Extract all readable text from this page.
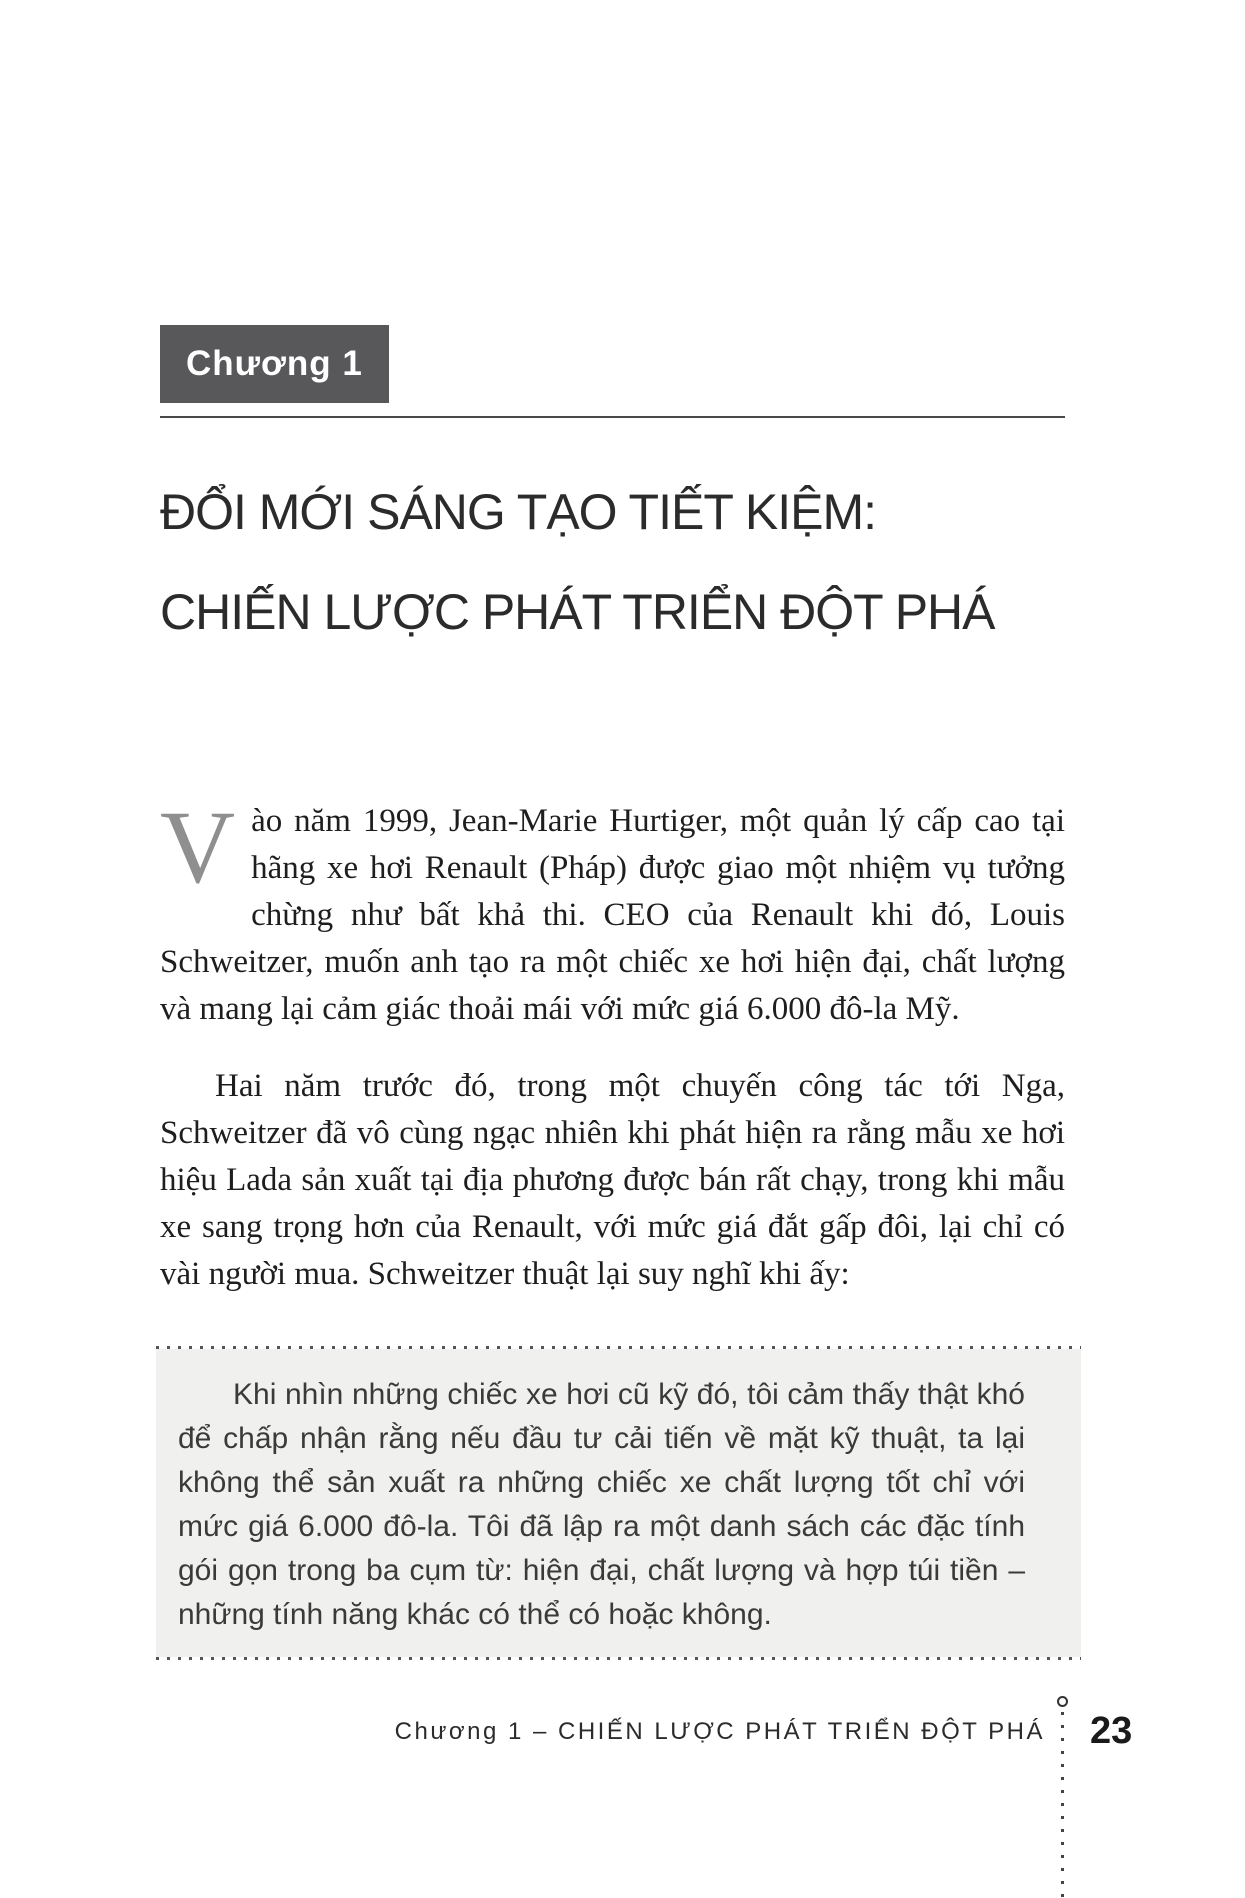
Chương 1
ĐỔI MỚI SÁNG TẠO TIẾT KIỆM:
CHIẾN LƯỢC PHÁT TRIỂN ĐỘT PHÁ

Vào năm 1999, Jean-Marie Hurtiger, một quản lý cấp cao tại hãng xe hơi Renault (Pháp) được giao một nhiệm vụ tưởng chừng như bất khả thi. CEO của Renault khi đó, Louis Schweitzer, muốn anh tạo ra một chiếc xe hơi hiện đại, chất lượng và mang lại cảm giác thoải mái với mức giá 6.000 đô-la Mỹ.

Hai năm trước đó, trong một chuyến công tác tới Nga, Schweitzer đã vô cùng ngạc nhiên khi phát hiện ra rằng mẫu xe hơi hiệu Lada sản xuất tại địa phương được bán rất chạy, trong khi mẫu xe sang trọng hơn của Renault, với mức giá đắt gấp đôi, lại chỉ có vài người mua. Schweitzer thuật lại suy nghĩ khi ấy:

Khi nhìn những chiếc xe hơi cũ kỹ đó, tôi cảm thấy thật khó để chấp nhận rằng nếu đầu tư cải tiến về mặt kỹ thuật, ta lại không thể sản xuất ra những chiếc xe chất lượng tốt chỉ với mức giá 6.000 đô-la. Tôi đã lập ra một danh sách các đặc tính gói gọn trong ba cụm từ: hiện đại, chất lượng và hợp túi tiền – những tính năng khác có thể có hoặc không.
Chương 1 – CHIẾN LƯỢC PHÁT TRIỂN ĐỘT PHÁ 23
